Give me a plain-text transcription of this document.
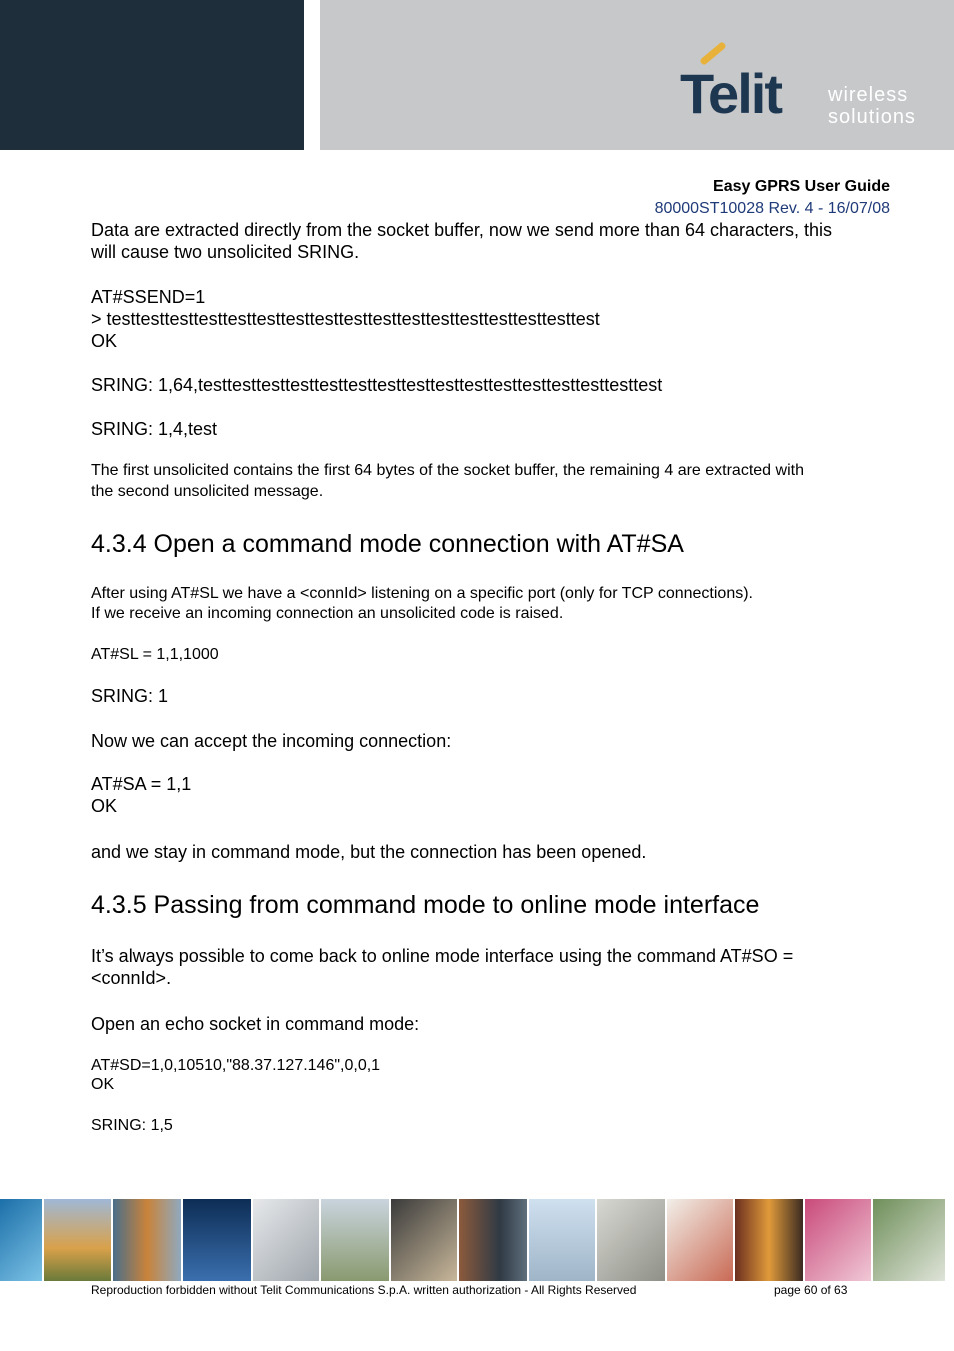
Telit wireless
solutions
Easy GPRS User Guide
80000ST10028 Rev. 4 - 16/07/08
Data are extracted directly from the socket buffer, now we send more than 64 characters, this
will cause two unsolicited SRING.
AT#SSEND=1
> testtesttesttesttesttesttesttesttesttesttesttesttesttesttesttesttest
OK
SRING: 1,64,testtesttesttesttesttesttesttesttesttesttesttesttesttesttesttest
SRING: 1,4,test
The first unsolicited contains the first 64 bytes of the socket buffer, the remaining 4 are extracted with
the second unsolicited message.
4.3.4 Open a command mode connection with AT#SA
After using AT#SL we have a <connId> listening on a specific port (only for TCP connections).
If we receive an incoming connection an unsolicited code is raised.
AT#SL = 1,1,1000
SRING: 1
Now we can accept the incoming connection:
AT#SA = 1,1
OK
and we stay in command mode, but the connection has been opened.
4.3.5 Passing from command mode to online mode interface
It’s always possible to come back to online mode interface using the command AT#SO =
<connId>.
Open an echo socket in command mode:
AT#SD=1,0,10510,"88.37.127.146",0,0,1
OK
SRING: 1,5
Reproduction forbidden without Telit Communications S.p.A. written authorization - All Rights Reserved	page 60 of 63
